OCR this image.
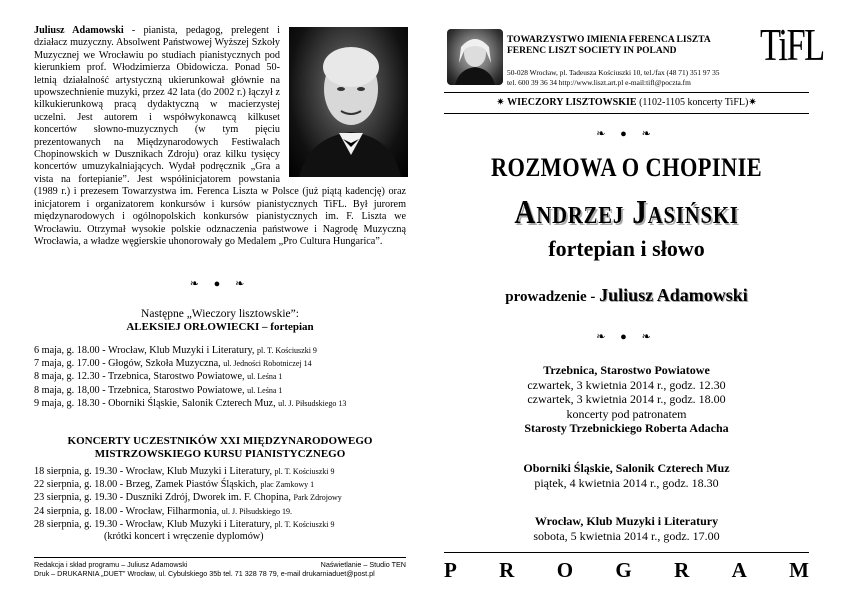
Juliusz Adamowski - pianista, pedagog, prelegent i działacz muzyczny. Absolwent Państwowej Wyższej Szkoły Muzycznej we Wrocławiu po studiach pianistycznych pod kierunkiem prof. Włodzimierza Obidowicza. Ponad 50-letnią działalność artystyczną ukierunkował głównie na upowszechnienie muzyki, przez 42 lata (do 2002 r.) łączył z kilkukierunkową pracą dydaktyczną w macierzystej uczelni. Jest autorem i współwykonawcą kilkuset koncertów słowno-muzycznych (w tym pięciu prezentowanych na Międzynarodowych Festiwalach Chopinowskich w Dusznikach Zdroju) oraz kilku tysięcy koncertów umuzykalniających. Wydał podręcznik „Gra a vista na fortepianie”. Jest współinicjatorem powstania (1989 r.) i prezesem Towarzystwa im. Ferenca Liszta w Polsce (już piątą kadencję) oraz inicjatorem i organizatorem konkursów i kursów pianistycznych TiFL. Był jurorem międzynarodowych i ogólnopolskich konkursów pianistycznych im. F. Liszta we Wrocławiu. Otrzymał wysokie polskie odznaczenia państwowe i Nagrodę Muzyczną Wrocławia, a władze węgierskie uhonorowały go Medalem „Pro Cultura Hungarica”.
❧ ● ❧
Następne „Wieczory lisztowskie”:
ALEKSIEJ ORŁOWIECKI – fortepian
6 maja, g. 18.00 - Wrocław, Klub Muzyki i Literatury, pl. T. Kościuszki 9
7 maja, g. 17.00 - Głogów, Szkoła Muzyczna, ul. Jedności Robotniczej 14
8 maja, g. 12.30 - Trzebnica, Starostwo Powiatowe, ul. Leśna 1
8 maja, g. 18,00 - Trzebnica, Starostwo Powiatowe, ul. Leśna 1
9 maja, g. 18.30 - Oborniki Śląskie, Salonik Czterech Muz, ul. J. Piłsudskiego 13
KONCERTY UCZESTNIKÓW XXI MIĘDZYNARODOWEGO
MISTRZOWSKIEGO KURSU PIANISTYCZNEGO
18 sierpnia, g. 19.30 - Wrocław, Klub Muzyki i Literatury, pl. T. Kościuszki 9
22 sierpnia, g. 18.00 - Brzeg, Zamek Piastów Śląskich, plac Zamkowy 1
23 sierpnia, g. 19.30 - Duszniki Zdrój, Dworek im. F. Chopina, Park Zdrojowy
24 sierpnia, g. 18.00 - Wrocław, Filharmonia, ul. J. Piłsudskiego 19.
28 sierpnia, g. 19.30 - Wrocław, Klub Muzyki i Literatury, pl. T. Kościuszki 9
(krótki koncert i wręczenie dyplomów)
Redakcja i skład programu – Juliusz Adamowski	Naświetlanie – Studio TEN
Druk – DRUKARNIA „DUET” Wrocław, ul. Cybulskiego 35b tel. 71 328 78 79, e-mail drukarniaduet@post.pl
TOWARZYSTWO IMIENIA FERENCA LISZTA
FERENC LISZT SOCIETY IN POLAND
50-028 Wrocław, pl. Tadeusza Kościuszki 10, tel./fax (48 71) 351 97 35
tel. 600 39 36 34 http://www.liszt.art.pl e-mail:tifl@poczta.fm
TiFL
✷ WIECZORY LISZTOWSKIE (1102-1105 koncerty TiFL)✷
❧ ● ❧
ROZMOWA O CHOPINIE
Andrzej Jasiński
fortepian i słowo
prowadzenie - Juliusz Adamowski
❧ ● ❧
Trzebnica, Starostwo Powiatowe
czwartek, 3 kwietnia 2014 r., godz. 12.30
czwartek, 3 kwietnia 2014 r., godz. 18.00
koncerty pod patronatem
Starosty Trzebnickiego Roberta Adacha
Oborniki Śląskie, Salonik Czterech Muz
piątek, 4 kwietnia 2014 r., godz. 18.30
Wrocław, Klub Muzyki i Literatury
sobota, 5 kwietnia 2014 r., godz. 17.00
P R O G R A M
